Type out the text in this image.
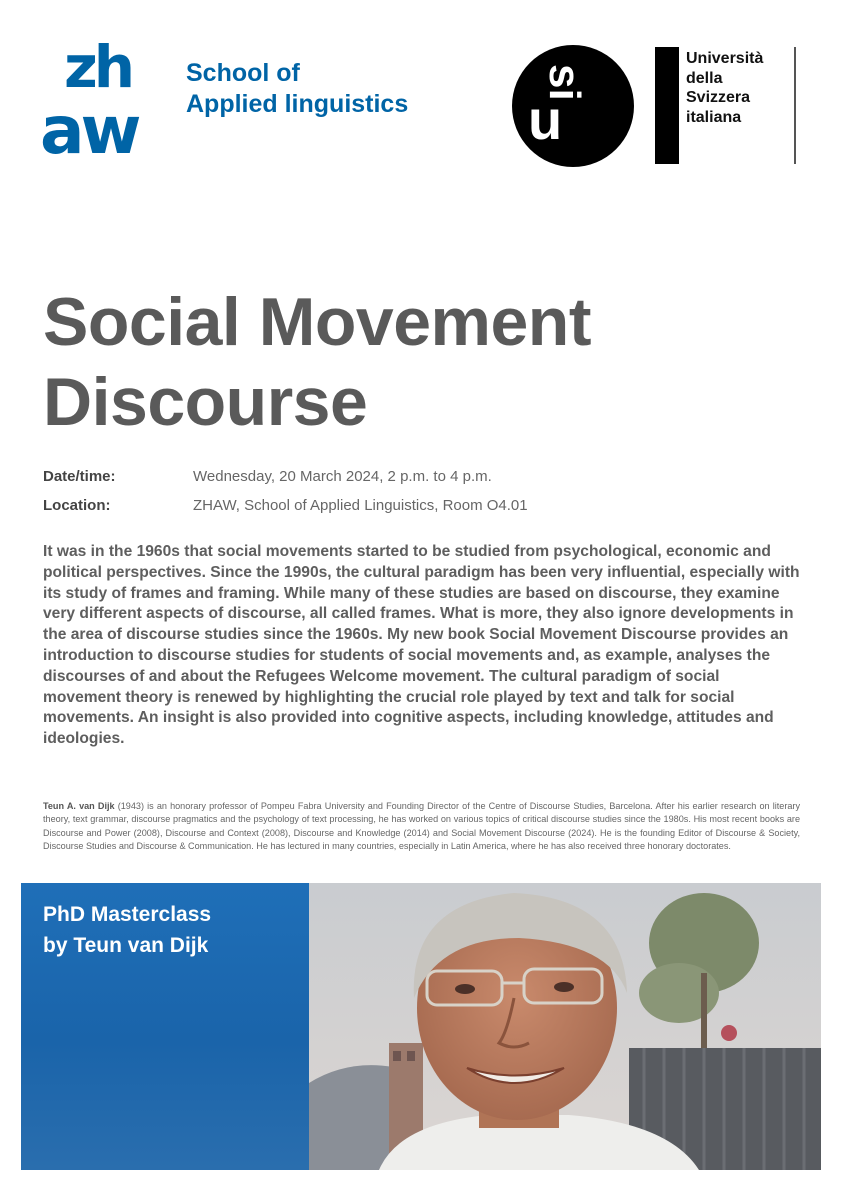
zh
aw
School of
Applied linguistics u
si
Università
della
Svizzera
italiana
Social Movement
Discourse
Date/time:	Wednesday, 20 March 2024, 2 p.m. to 4 p.m.
Location:	ZHAW, School of Applied Linguistics, Room O4.01

It was in the 1960s that social movements started to be studied from psychological, economic and political perspectives. Since the 1990s, the cultural paradigm has been very influential, especially with its study of frames and framing. While many of these studies are based on discourse, they examine very different aspects of discourse, all called frames. What is more, they also ignore developments in the area of discourse studies since the 1960s. My new book Social Movement Discourse provides an introduction to discourse studies for students of social movements and, as example, analyses the discourses of and about the Refugees Welcome movement. The cultural paradigm of social movement theory is renewed by highlighting the crucial role played by text and talk for social movements. An insight is also provided into cognitive aspects, including knowledge, attitudes and ideologies.

Teun A. van Dijk (1943) is an honorary professor of Pompeu Fabra University and Founding Director of the Centre of Discourse Studies, Barcelona. After his earlier research on literary theory, text grammar, discourse pragmatics and the psychology of text processing, he has worked on various topics of critical discourse studies since the 1980s. His most recent books are Discourse and Power (2008), Discourse and Context (2008), Discourse and Knowledge (2014) and Social Movement Discourse (2024). He is the founding Editor of Discourse & Society, Discourse Studies and Discourse & Communication. He has lectured in many countries, especially in Latin America, where he has also received three honorary doctorates.

PhD Masterclass
by Teun van Dijk
